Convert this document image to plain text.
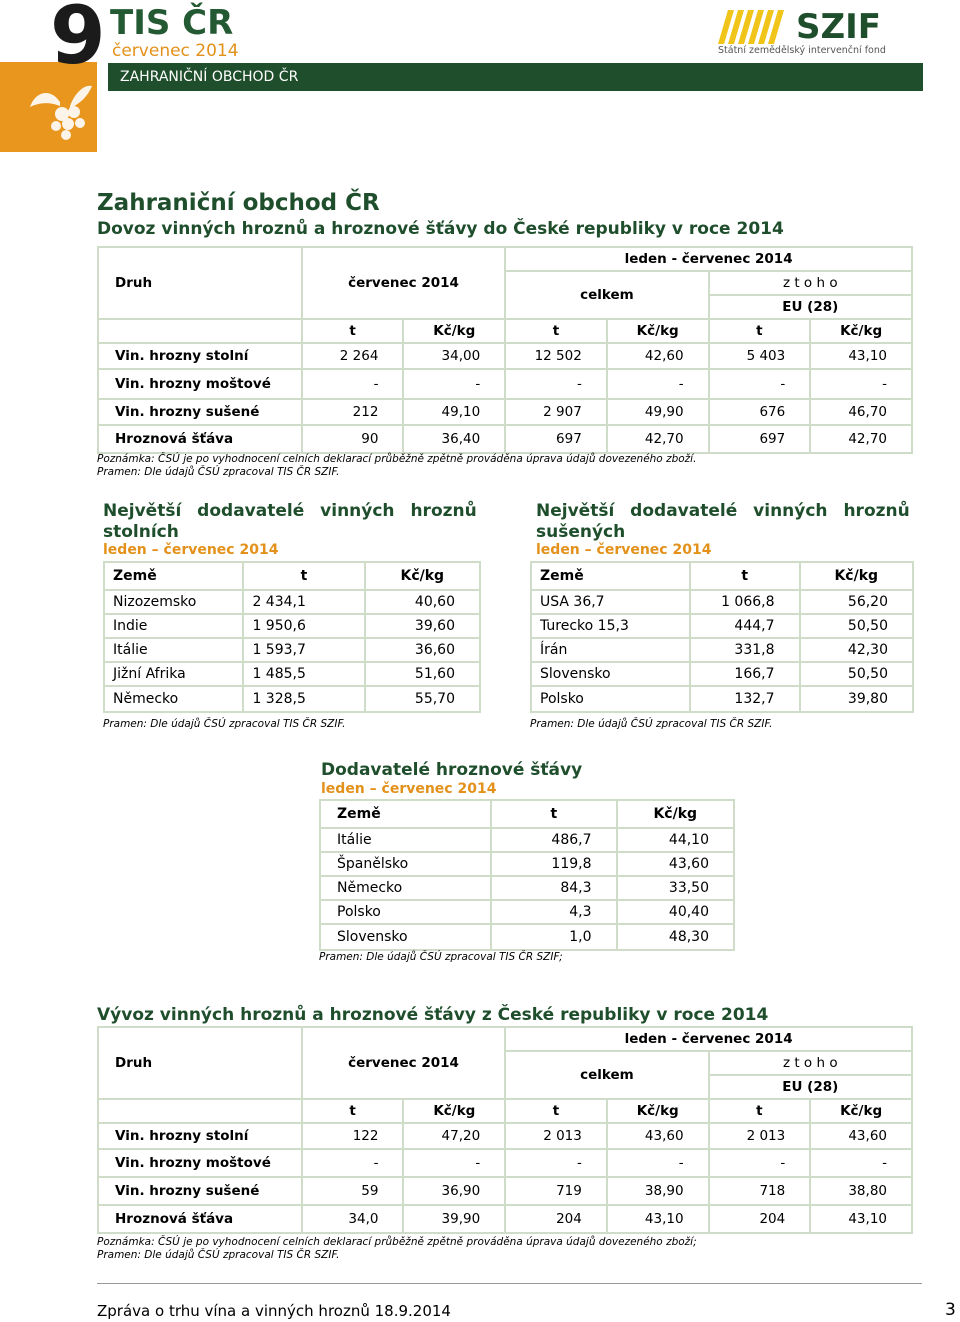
9 TIS ČR
červenec 2014
ZAHRANIČNÍ OBCHOD ČR
SZIF
Státní zemědělský intervenční fond
Zahraniční obchod ČR
Dovoz vinných hroznů a hroznové šťávy do České republiky v roce 2014
Druh	červenec 2014		leden - červenec 2014			
			celkem		z t o h o	
					EU (28)	

	t	Kč/kg	t	Kč/kg	t	Kč/kg
Vin. hrozny stolní	2 264	34,00	12 502	42,60	5 403	43,10
Vin. hrozny moštové	-	-	-	-	-	-
Vin. hrozny sušené	212	49,10	2 907	49,90	676	46,70
Hroznová šťáva	90	36,40	697	42,70	697	42,70
Poznámka: ČSÚ je po vyhodnocení celních deklarací průběžně zpětně prováděna úprava údajů dovezeného zboží.
Pramen: Dle údajů ČSÚ zpracoval TIS ČR SZIF.
Největší dodavatelé vinných hroznů stolních
leden – červenec 2014
Země	t	Kč/kg
Nizozemsko	2 434,1	40,60
Indie	1 950,6	39,60
Itálie	1 593,7	36,60
Jižní Afrika	1 485,5	51,60
Německo	1 328,5	55,70
Pramen: Dle údajů ČSÚ zpracoval TIS ČR SZIF.
Největší dodavatelé vinných hroznů sušených
leden – červenec 2014
Země	t	Kč/kg
USA 36,7	1 066,8	56,20
Turecko 15,3	444,7	50,50
Írán	331,8	42,30
Slovensko	166,7	50,50
Polsko	132,7	39,80
Pramen: Dle údajů ČSÚ zpracoval TIS ČR SZIF.
Dodavatelé hroznové šťávy
leden – červenec 2014
Země	t	Kč/kg
Itálie	486,7	44,10
Španělsko	119,8	43,60
Německo	84,3	33,50
Polsko	4,3	40,40
Slovensko	1,0	48,30
Pramen: Dle údajů ČSÚ zpracoval TIS ČR SZIF;
Vývoz vinných hroznů a hroznové šťávy z České republiky v roce 2014
Druh	červenec 2014		leden - červenec 2014			
			celkem		z t o h o	
					EU (28)	

	t	Kč/kg	t	Kč/kg	t	Kč/kg
Vin. hrozny stolní	122	47,20	2 013	43,60	2 013	43,60
Vin. hrozny moštové	-	-	-	-	-	-
Vin. hrozny sušené	59	36,90	719	38,90	718	38,80
Hroznová šťáva	34,0	39,90	204	43,10	204	43,10
Poznámka: ČSÚ je po vyhodnocení celních deklarací průběžně zpětně prováděna úprava údajů dovezeného zboží;
Pramen: Dle údajů ČSÚ zpracoval TIS ČR SZIF.
Zpráva o trhu vína a vinných hroznů 18.9.2014	3
